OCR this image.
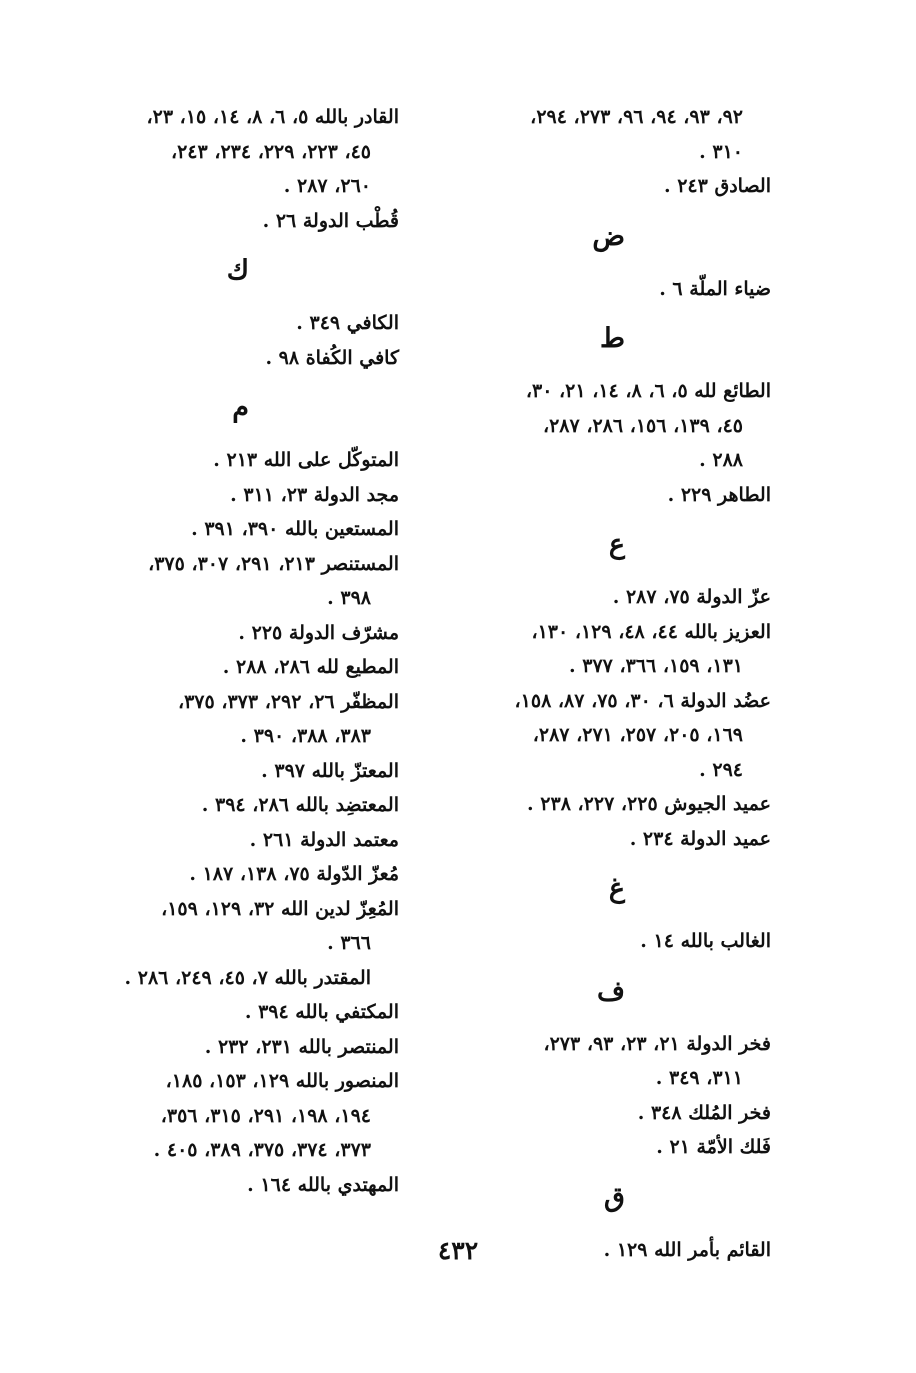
٩٢، ٩٣، ٩٤، ٩٦، ٢٧٣، ٢٩٤،
٣١٠ .
الصادق ٢٤٣ .
ض
ضياء الملّة ٦ .
ط
الطائع لله ٥، ٦، ٨، ١٤، ٢١، ٣٠،
٤٥، ١٣٩، ١٥٦، ٢٨٦، ٢٨٧،
٢٨٨ .
الطاهر ٢٢٩ .
ع
عزّ الدولة ٧٥، ٢٨٧ .
العزيز بالله ٤٤، ٤٨، ١٢٩، ١٣٠،
١٣١، ١٥٩، ٣٦٦، ٣٧٧ .
عضُد الدولة ٦، ٣٠، ٧٥، ٨٧، ١٥٨،
١٦٩، ٢٠٥، ٢٥٧، ٢٧١، ٢٨٧،
٢٩٤ .
عميد الجيوش ٢٢٥، ٢٢٧، ٢٣٨ .
عميد الدولة ٢٣٤ .
غ
الغالب بالله ١٤ .
ف
فخر الدولة ٢١، ٢٣، ٩٣، ٢٧٣،
٣١١، ٣٤٩ .
فخر المُلك ٣٤٨ .
فَلك الأمّة ٢١ .
ق
القائم بأمر الله ١٢٩ .
القادر بالله ٥، ٦، ٨، ١٤، ١٥، ٢٣،
٤٥، ٢٢٣، ٢٢٩، ٢٣٤، ٢٤٣،
٢٦٠، ٢٨٧ .
قُطْب الدولة ٢٦ .
ك
الكافي ٣٤٩ .
كافي الكُفاة ٩٨ .
م
المتوكّل على الله ٢١٣ .
مجد الدولة ٢٣، ٣١١ .
المستعين بالله ٣٩٠، ٣٩١ .
المستنصر ٢١٣، ٢٩١، ٣٠٧، ٣٧٥،
٣٩٨ .
مشرّف الدولة ٢٢٥ .
المطيع لله ٢٨٦، ٢٨٨ .
المظفّر ٢٦، ٢٩٢، ٣٧٣، ٣٧٥،
٣٨٣، ٣٨٨، ٣٩٠ .
المعتزّ بالله ٣٩٧ .
المعتضِد بالله ٢٨٦، ٣٩٤ .
معتمد الدولة ٢٦١ .
مُعزّ الدّولة ٧٥، ١٣٨، ١٨٧ .
المُعِزّ لدين الله ٣٢، ١٢٩، ١٥٩،
٣٦٦ .
المقتدر بالله ٧، ٤٥، ٢٤٩، ٢٨٦ .
المكتفي بالله ٣٩٤ .
المنتصر بالله ٢٣١، ٢٣٢ .
المنصور بالله ١٢٩، ١٥٣، ١٨٥،
١٩٤، ١٩٨، ٢٩١، ٣١٥، ٣٥٦،
٣٧٣، ٣٧٤، ٣٧٥، ٣٨٩، ٤٠٥ .
المهتدي بالله ١٦٤ .
٤٣٢
